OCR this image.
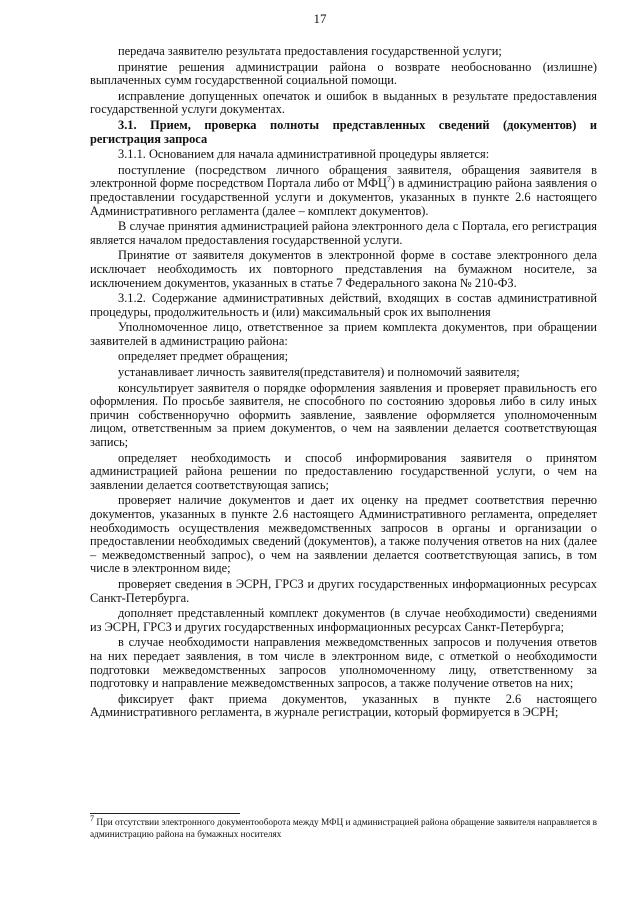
17

передача заявителю результата предоставления государственной услуги;

принятие решения администрации района о возврате необоснованно (излишне) выплаченных сумм государственной социальной помощи.

исправление допущенных опечаток и ошибок в выданных в результате предоставления государственной услуги документах.

3.1. Прием, проверка полноты представленных сведений (документов) и регистрация запроса

3.1.1. Основанием для начала административной процедуры является:

поступление (посредством личного обращения заявителя, обращения заявителя в электронной форме посредством Портала либо от МФЦ$^7$) в администрацию района заявления о предоставлении государственной услуги и документов, указанных в пункте 2.6 настоящего Административного регламента (далее – комплект документов).

В случае принятия администрацией района электронного дела с Портала, его регистрация является началом предоставления государственной услуги.

Принятие от заявителя документов в электронной форме в составе электронного дела исключает необходимость их повторного представления на бумажном носителе, за исключением документов, указанных в статье 7 Федерального закона № 210-ФЗ.

3.1.2. Содержание административных действий, входящих в состав административной процедуры, продолжительность и (или) максимальный срок их выполнения

Уполномоченное лицо, ответственное за прием комплекта документов, при обращении заявителей в администрацию района:

определяет предмет обращения;

устанавливает личность заявителя(представителя) и полномочий заявителя;

консультирует заявителя о порядке оформления заявления и проверяет правильность его оформления. По просьбе заявителя, не способного по состоянию здоровья либо в силу иных причин собственноручно оформить заявление, заявление оформляется уполномоченным лицом, ответственным за прием документов, о чем на заявлении делается соответствующая запись;

определяет необходимость и способ информирования заявителя о принятом администрацией района решении по предоставлению государственной услуги, о чем на заявлении делается соответствующая запись;

проверяет наличие документов и дает их оценку на предмет соответствия перечню документов, указанных в пункте 2.6 настоящего Административного регламента, определяет необходимость осуществления межведомственных запросов в органы и организации о предоставлении необходимых сведений (документов), а также получения ответов на них (далее – межведомственный запрос), о чем на заявлении делается соответствующая запись, в том числе в электронном виде;

проверяет сведения в ЭСРН, ГРСЗ и других государственных информационных ресурсах Санкт-Петербурга.

дополняет представленный комплект документов (в случае необходимости) сведениями из ЭСРН, ГРСЗ и других государственных информационных ресурсах Санкт-Петербурга;

в случае необходимости направления межведомственных запросов и получения ответов на них передает заявления, в том числе в электронном виде, с отметкой о необходимости подготовки межведомственных запросов уполномоченному лицу, ответственному за подготовку и направление межведомственных запросов, а также получение ответов на них;

фиксирует факт приема документов, указанных в пункте 2.6 настоящего Административного регламента, в журнале регистрации, который формируется в ЭСРН;

$^7$ При отсутствии электронного документооборота между МФЦ и администрацией района обращение заявителя направляется в администрацию района на бумажных носителях
